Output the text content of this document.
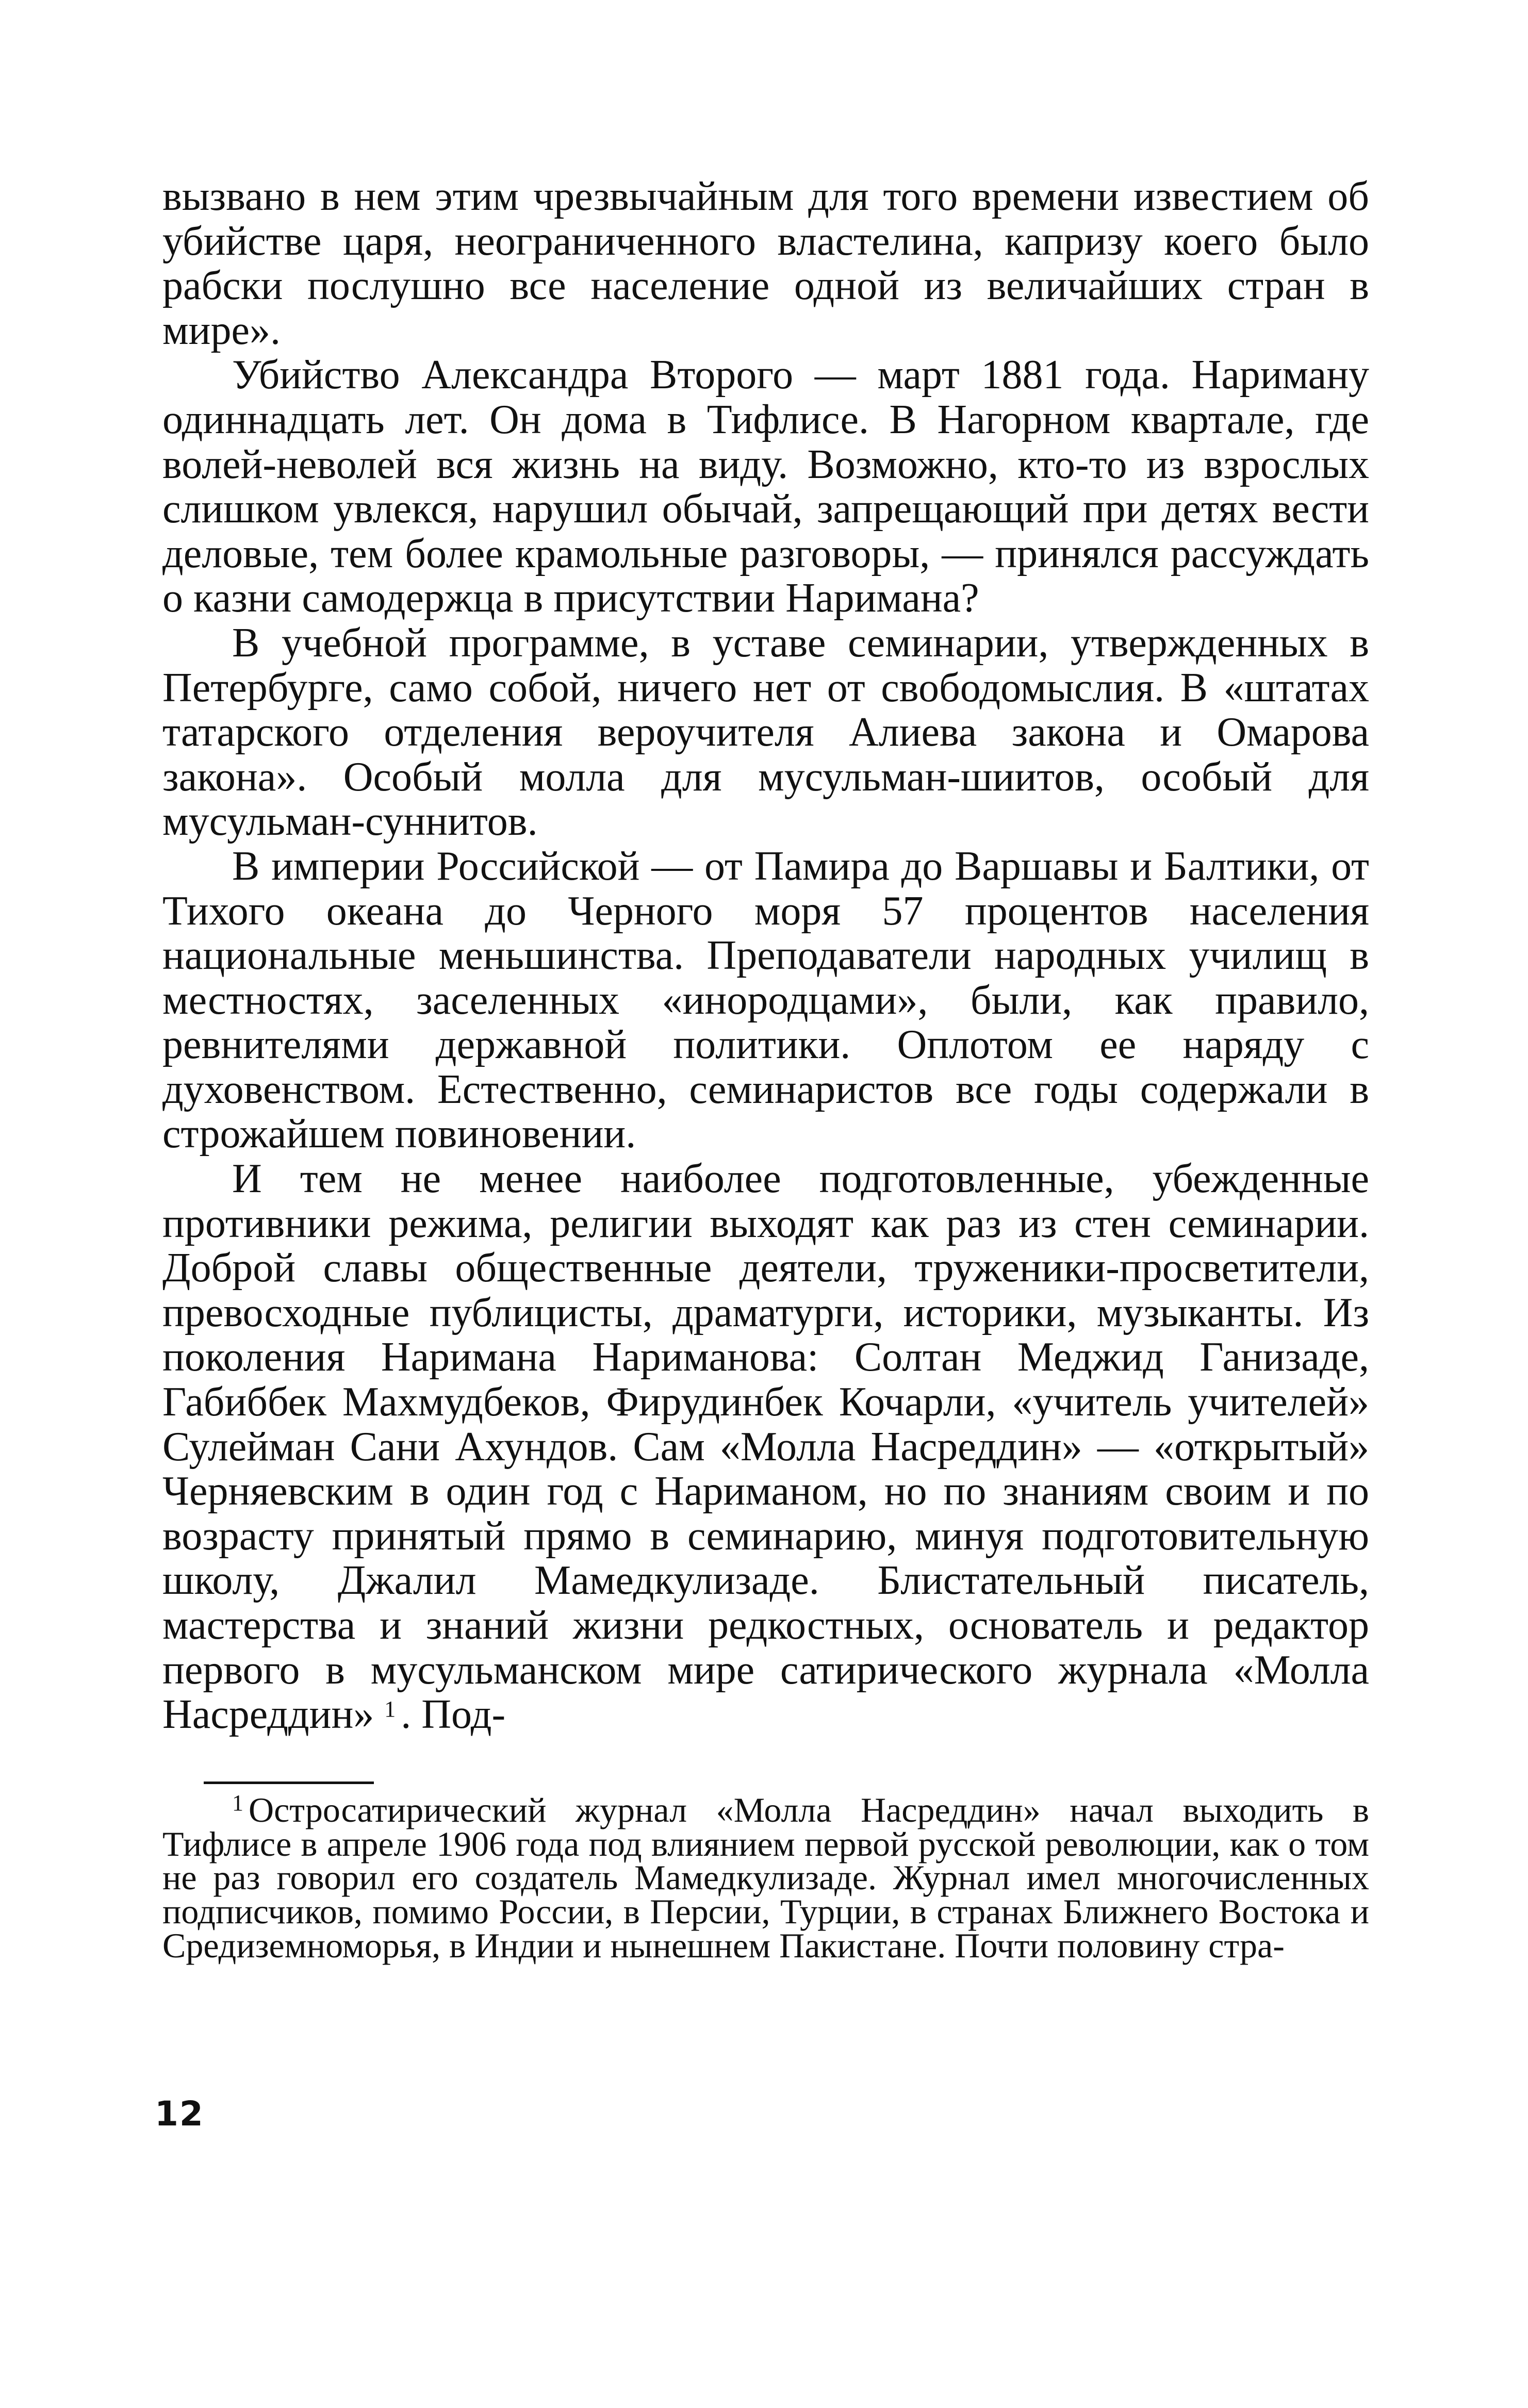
вызвано в нем этим чрезвычайным для того времени известием об убийстве царя, неограниченного властелина, капризу коего было рабски послушно все население одной из величайших стран в мире».

Убийство Александра Второго — март 1881 года. Нариману одиннадцать лет. Он дома в Тифлисе. В Нагорном квартале, где волей-неволей вся жизнь на виду. Возможно, кто-то из взрослых слишком увлекся, нарушил обычай, запрещающий при детях вести деловые, тем более крамольные разговоры, — принялся рассуждать о казни самодержца в присутствии Наримана?

В учебной программе, в уставе семинарии, утвержденных в Петербурге, само собой, ничего нет от свободомыслия. В «штатах татарского отделения вероучителя Алиева закона и Омарова закона». Особый молла для мусульман-шиитов, особый для мусульман-суннитов.

В империи Российской — от Памира до Варшавы и Балтики, от Тихого океана до Черного моря 57 процентов населения национальные меньшинства. Преподаватели народных училищ в местностях, заселенных «инородцами», были, как правило, ревнителями державной политики. Оплотом ее наряду с духовенством. Естественно, семинаристов все годы содержали в строжайшем повиновении.

И тем не менее наиболее подготовленные, убежденные противники режима, религии выходят как раз из стен семинарии. Доброй славы общественные деятели, труженики-просветители, превосходные публицисты, драматурги, историки, музыканты. Из поколения Наримана Нариманова: Солтан Меджид Ганизаде, Габиббек Махмудбеков, Фирудинбек Кочарли, «учитель учителей» Сулейман Сани Ахундов. Сам «Молла Насреддин» — «открытый» Черняевским в один год с Нариманом, но по знаниям своим и по возрасту принятый прямо в семинарию, минуя подготовительную школу, Джалил Мамедкулизаде. Блистательный писатель, мастерства и знаний жизни редкостных, основатель и редактор первого в мусульманском мире сатирического журнала «Молла Насреддин» $^1$ . Под-

$^1$ Остросатирический журнал «Молла Насреддин» начал выходить в Тифлисе в апреле 1906 года под влиянием первой русской революции, как о том не раз говорил его создатель Мамедкулизаде. Журнал имел многочисленных подписчиков, помимо России, в Персии, Турции, в странах Ближнего Востока и Средиземноморья, в Индии и нынешнем Пакистане. Почти половину стра-

12
